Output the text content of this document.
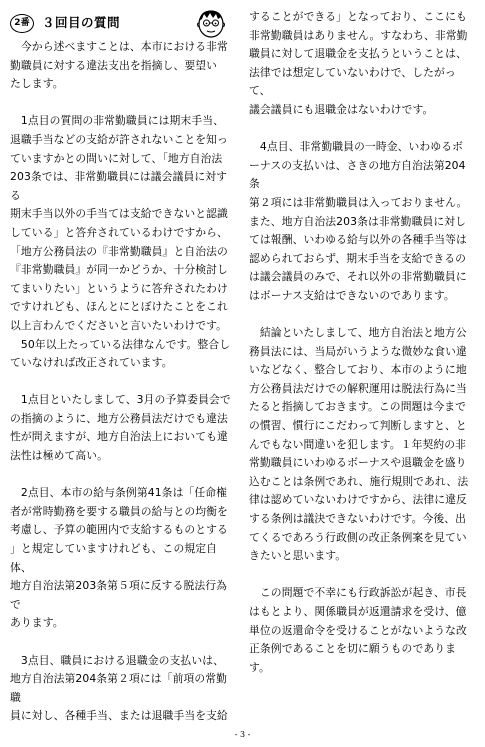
2番 ３回目の質問

　今から述べますことは、本市における非常

勤職員に対する違法支出を指摘し、要望い

たします。

　1点目の質問の非常勤職員には期末手当、

退職手当などの支給が許されないことを知っ

ていますかとの問いに対して、「地方自治法

203条では、非常勤職員には議会議員に対する

期末手当以外の手当ては支給できないと認識

している」と答弁されているわけですから、

「地方公務員法の『非常勤職員』と自治法の

『非常勤職員』が同一かどうか、十分検討し

てまいりたい」というように答弁されたわけ

ですけれども、ほんとにとぼけたことをこれ

以上言わんでくださいと言いたいわけです。

　50年以上たっている法律なんです。整合し

ていなければ改正されています。

　1点目といたしまして、3月の予算委員会で

の指摘のように、地方公務員法だけでも違法

性が問えますが、地方自治法上においても違

法性は極めて高い。

　2点目、本市の給与条例第41条は「任命権

者が常時勤務を要する職員の給与との均衡を

考慮し、予算の範囲内で支給するものとする

」と規定していますけれども、この規定自体、

地方自治法第203条第５項に反する脱法行為で

あります。

　3点目、職員における退職金の支払いは、

地方自治法第204条第２項には「前項の常勤職

員に対し、各種手当、または退職手当を支給

することができる」となっており、ここにも

非常勤職員はありません。すなわち、非常勤

職員に対して退職金を支払うということは、

法律では想定していないわけで、したがって、

議会議員にも退職金はないわけです。

　4点目、非常勤職員の一時金、いわゆるボ

ーナスの支払いは、さきの地方自治法第204条

第２項には非常勤職員は入っておりません。

また、地方自治法203条は非常勤職員に対し

ては報酬、いわゆる給与以外の各種手当等は

認められておらず、期末手当を支給できるの

は議会議員のみで、それ以外の非常勤職員に

はボーナス支給はできないのであります。

　結論といたしまして、地方自治法と地方公

務員法には、当局がいうような微妙な食い違

いなどなく、整合しており、本市のように地

方公務員法だけでの解釈運用は脱法行為に当

たると指摘しておきます。この問題は今まで

の慣習、慣行にこだわって判断しますと、と

んでもない間違いを犯します。１年契約の非

常勤職員にいわゆるボーナスや退職金を盛り

込むことは条例であれ、施行規則であれ、法

律は認めていないわけですから、法律に違反

する条例は議決できないわけです。今後、出

てくるであろう行政側の改正条例案を見てい

きたいと思います。

　この問題で不幸にも行政訴訟が起き、市長

はもとより、関係職員が返還請求を受け、億

単位の返還命令を受けることがないような改

正条例であることを切に願うものであります。

- 3 -
